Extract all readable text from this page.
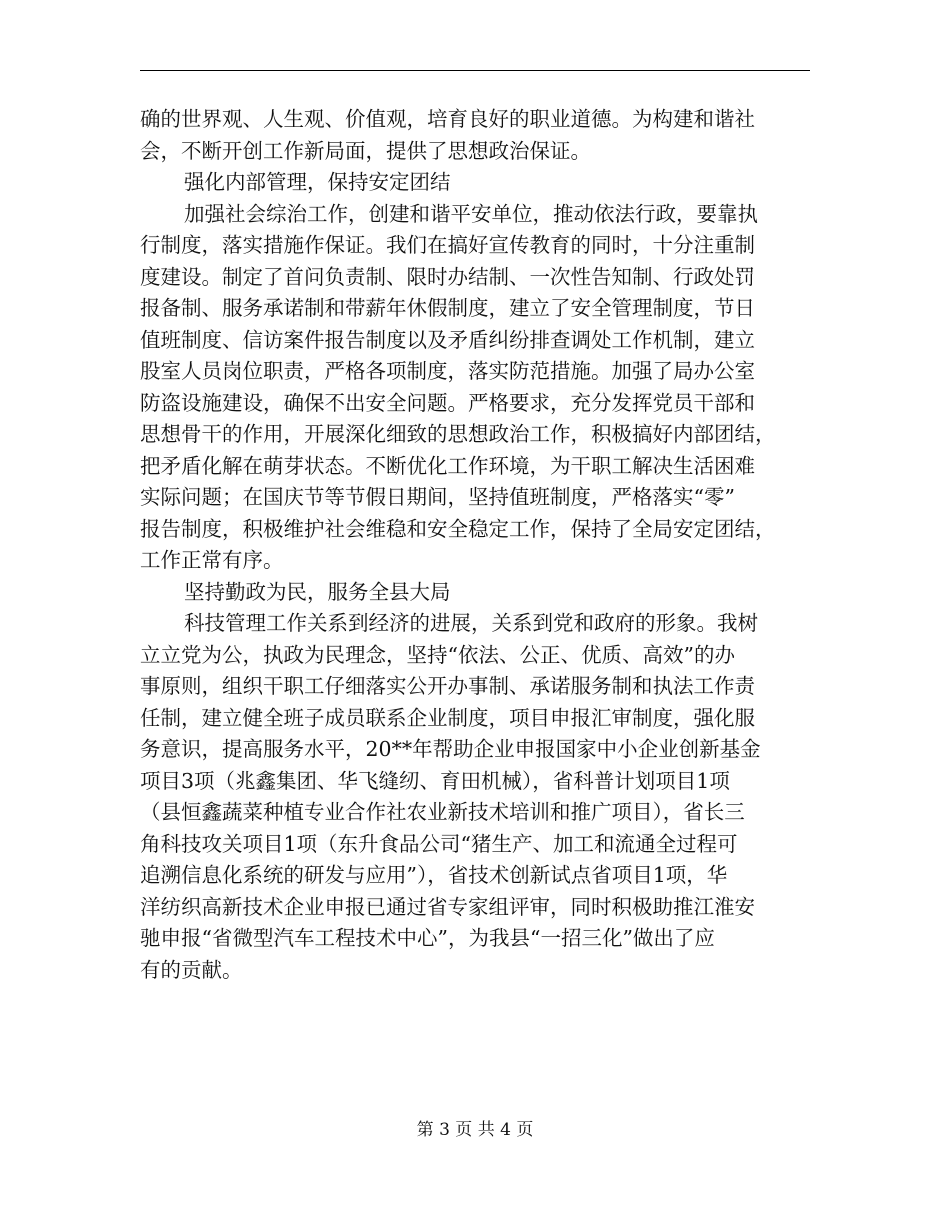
确的世界观、人生观、价值观，培育良好的职业道德。为构建和谐社
会，不断开创工作新局面，提供了思想政治保证。
强化内部管理，保持安定团结
加强社会综治工作，创建和谐平安单位，推动依法行政，要靠执
行制度，落实措施作保证。我们在搞好宣传教育的同时，十分注重制
度建设。制定了首问负责制、限时办结制、一次性告知制、行政处罚
报备制、服务承诺制和带薪年休假制度，建立了安全管理制度，节日
值班制度、信访案件报告制度以及矛盾纠纷排查调处工作机制，建立
股室人员岗位职责，严格各项制度，落实防范措施。加强了局办公室
防盗设施建设，确保不出安全问题。严格要求，充分发挥党员干部和
思想骨干的作用，开展深化细致的思想政治工作，积极搞好内部团结，
把矛盾化解在萌芽状态。不断优化工作环境，为干职工解决生活困难
实际问题；在国庆节等节假日期间，坚持值班制度，严格落实“零”
报告制度，积极维护社会维稳和安全稳定工作，保持了全局安定团结，
工作正常有序。
坚持勤政为民，服务全县大局
科技管理工作关系到经济的进展，关系到党和政府的形象。我树
立立党为公，执政为民理念，坚持“依法、公正、优质、高效”的办
事原则，组织干职工仔细落实公开办事制、承诺服务制和执法工作责
任制，建立健全班子成员联系企业制度，项目申报汇审制度，强化服
务意识，提高服务水平，20**年帮助企业申报国家中小企业创新基金
项目3项（兆鑫集团、华飞缝纫、育田机械），省科普计划项目1项
（县恒鑫蔬菜种植专业合作社农业新技术培训和推广项目），省长三
角科技攻关项目1项（东升食品公司“猪生产、加工和流通全过程可
追溯信息化系统的研发与应用”），省技术创新试点省项目1项，华
洋纺织高新技术企业申报已通过省专家组评审，同时积极助推江淮安
驰申报“省微型汽车工程技术中心”，为我县“一招三化”做出了应
有的贡献。
第 3 页 共 4 页
